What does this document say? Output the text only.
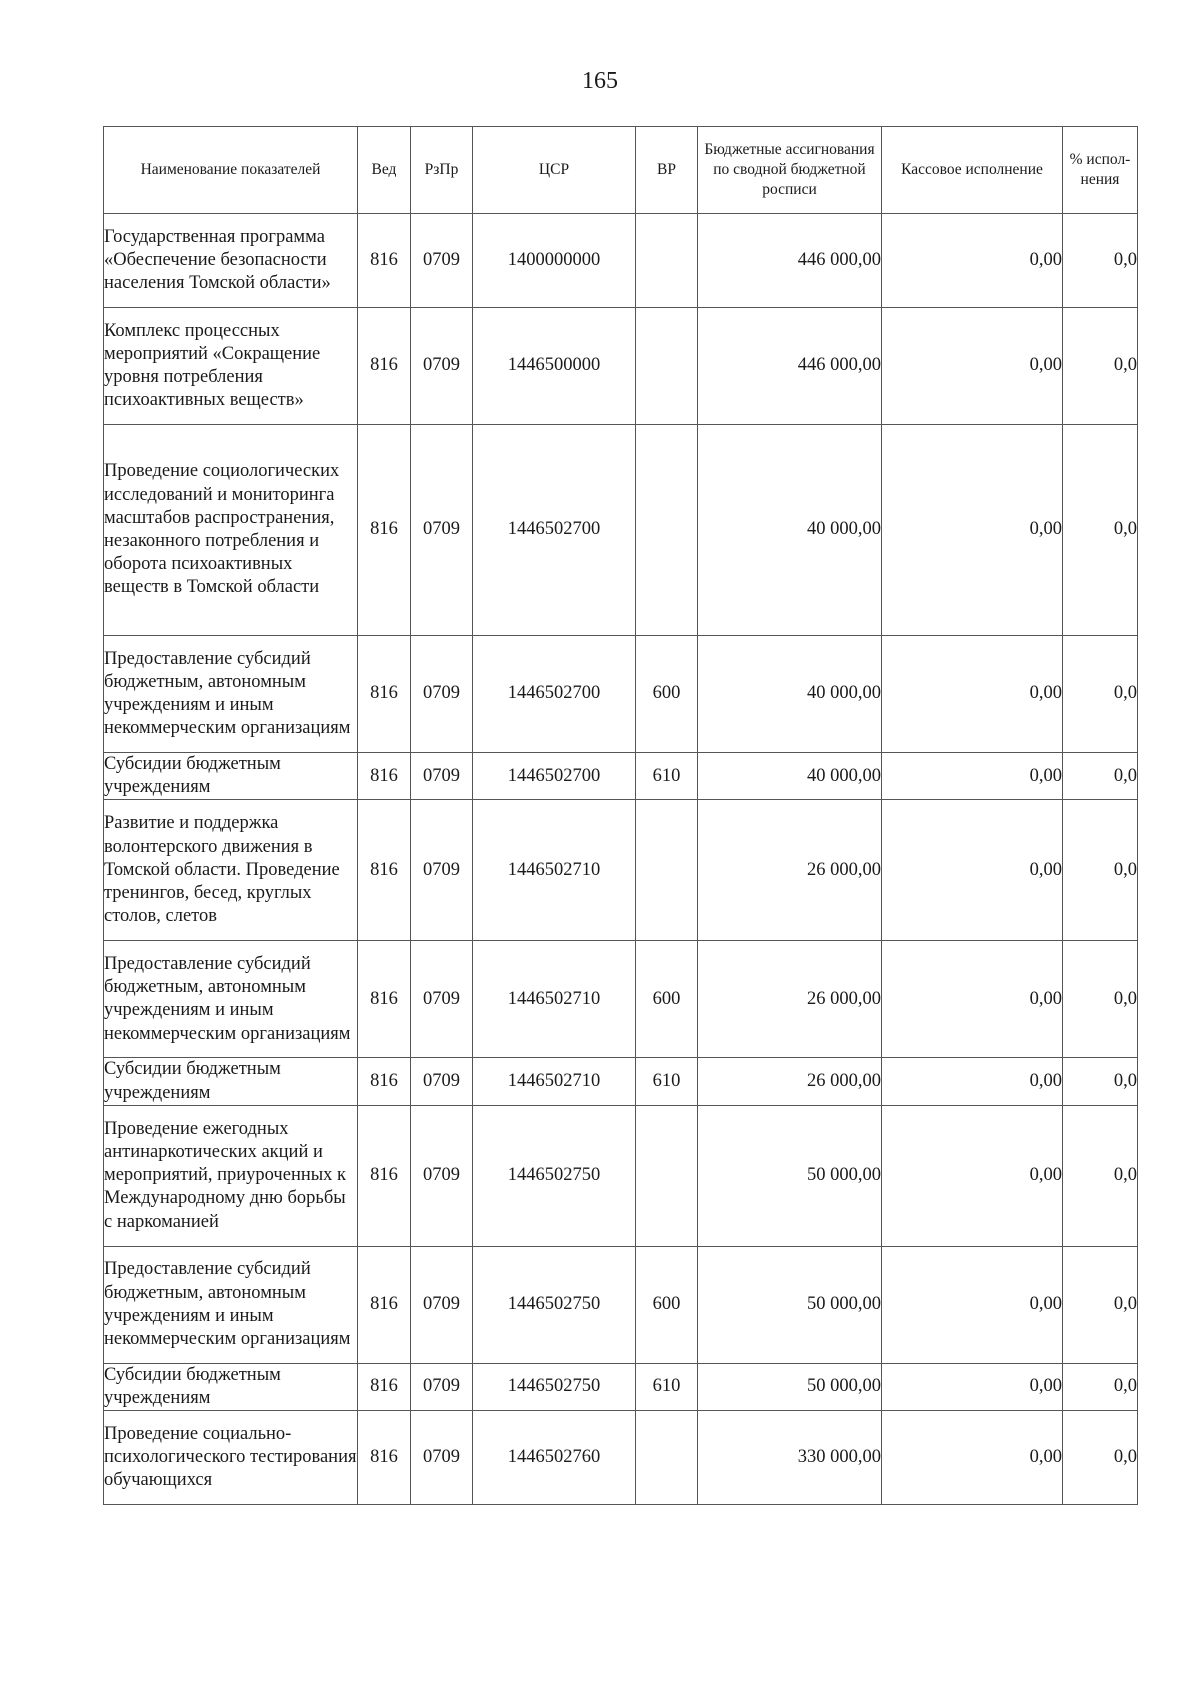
165
Наименование показателей	Вед	РзПр	ЦСР	ВР	Бюджетные ассигнования по сводной бюджетной росписи	Кассовое исполнение	% испол-нения
Государственная программа «Обеспечение безопасности населения Томской области»	816	0709	1400000000		446 000,00	0,00	0,0
Комплекс процессных мероприятий «Сокращение уровня потребления психоактивных веществ»	816	0709	1446500000		446 000,00	0,00	0,0
Проведение социологических исследований и мониторинга масштабов распространения, незаконного потребления и оборота психоактивных веществ в Томской области	816	0709	1446502700		40 000,00	0,00	0,0
Предоставление субсидий бюджетным, автономным учреждениям и иным некоммерческим организациям	816	0709	1446502700	600	40 000,00	0,00	0,0
Субсидии бюджетным учреждениям	816	0709	1446502700	610	40 000,00	0,00	0,0
Развитие и поддержка волонтерского движения в Томской области. Проведение тренингов, бесед, круглых столов, слетов	816	0709	1446502710		26 000,00	0,00	0,0
Предоставление субсидий бюджетным, автономным учреждениям и иным некоммерческим организациям	816	0709	1446502710	600	26 000,00	0,00	0,0
Субсидии бюджетным учреждениям	816	0709	1446502710	610	26 000,00	0,00	0,0
Проведение ежегодных антинаркотических акций и мероприятий, приуроченных к Международному дню борьбы с наркоманией	816	0709	1446502750		50 000,00	0,00	0,0
Предоставление субсидий бюджетным, автономным учреждениям и иным некоммерческим организациям	816	0709	1446502750	600	50 000,00	0,00	0,0
Субсидии бюджетным учреждениям	816	0709	1446502750	610	50 000,00	0,00	0,0
Проведение социально-психологического тестирования обучающихся	816	0709	1446502760		330 000,00	0,00	0,0
